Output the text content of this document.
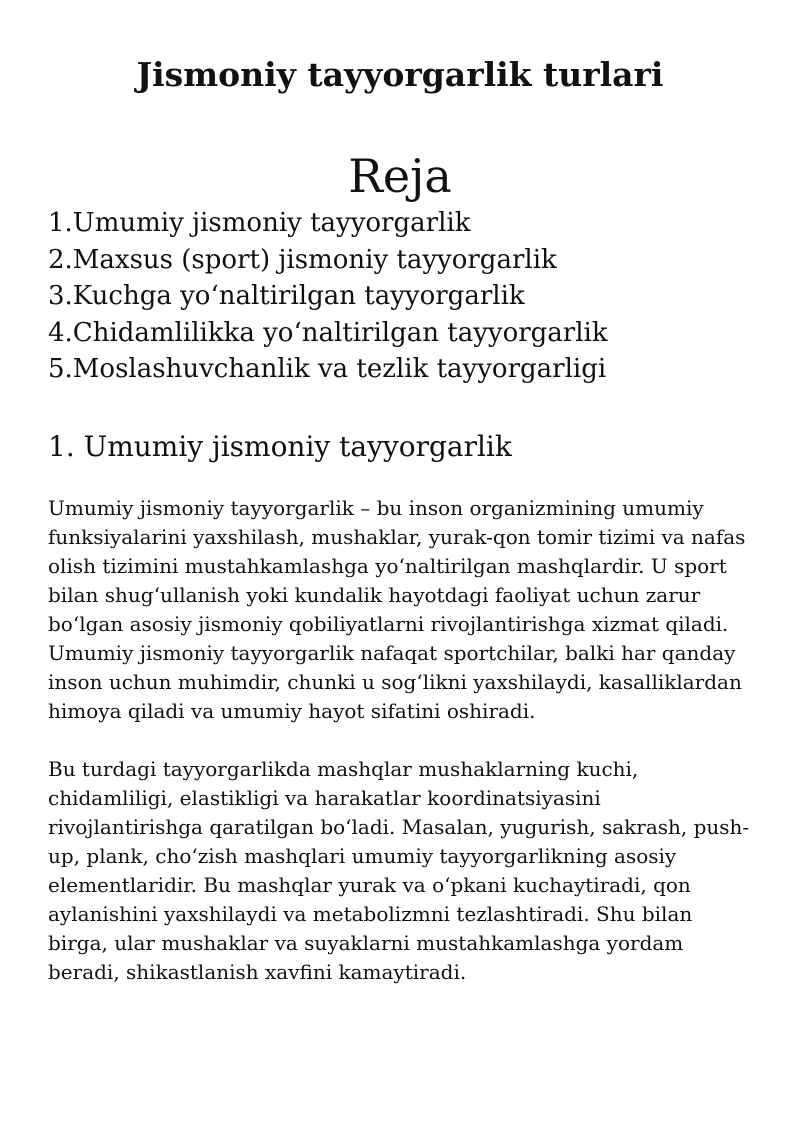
Jismoniy tayyorgarlik turlari
Reja
1.Umumiy jismoniy tayyorgarlik
2.Maxsus (sport) jismoniy tayyorgarlik
3.Kuchga yo‘naltirilgan tayyorgarlik
4.Chidamlilikka yo‘naltirilgan tayyorgarlik
5.Moslashuvchanlik va tezlik tayyorgarligi
1. Umumiy jismoniy tayyorgarlik

Umumiy jismoniy tayyorgarlik – bu inson organizmining umumiy funksiyalarini yaxshilash, mushaklar, yurak-qon tomir tizimi va nafas olish tizimini mustahkamlashga yo‘naltirilgan mashqlardir. U sport bilan shug‘ullanish yoki kundalik hayotdagi faoliyat uchun zarur bo‘lgan asosiy jismoniy qobiliyatlarni rivojlantirishga xizmat qiladi. Umumiy jismoniy tayyorgarlik nafaqat sportchilar, balki har qanday inson uchun muhimdir, chunki u sog‘likni yaxshilaydi, kasalliklardan himoya qiladi va umumiy hayot sifatini oshiradi.

Bu turdagi tayyorgarlikda mashqlar mushaklarning kuchi, chidamliligi, elastikligi va harakatlar koordinatsiyasini rivojlantirishga qaratilgan bo‘ladi. Masalan, yugurish, sakrash, push-up, plank, cho‘zish mashqlari umumiy tayyorgarlikning asosiy elementlaridir. Bu mashqlar yurak va o‘pkani kuchaytiradi, qon aylanishini yaxshilaydi va metabolizmni tezlashtiradi. Shu bilan birga, ular mushaklar va suyaklarni mustahkamlashga yordam beradi, shikastlanish xavfini kamaytiradi.
